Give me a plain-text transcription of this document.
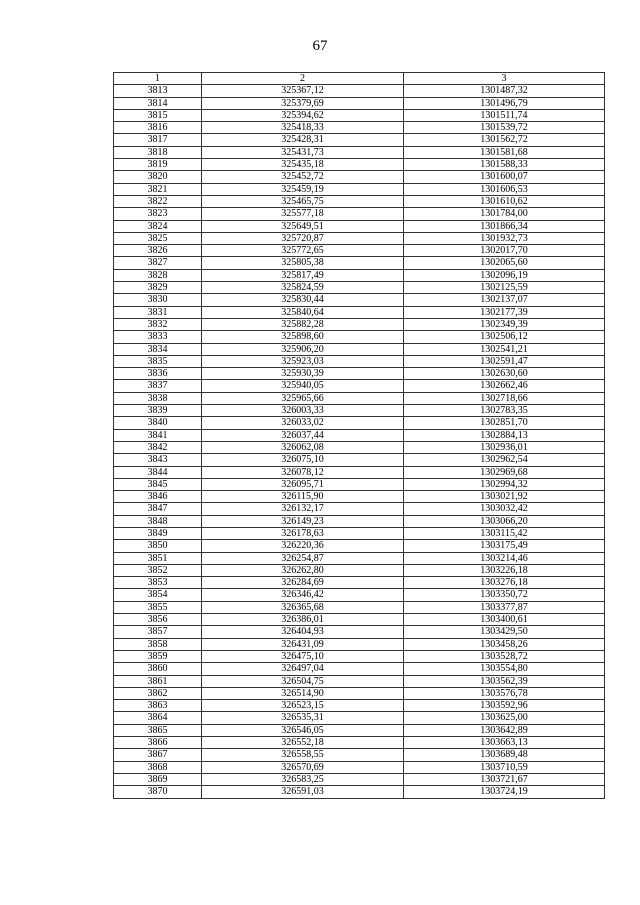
67
1	2	3
3813	325367,12	1301487,32
3814	325379,69	1301496,79
3815	325394,62	1301511,74
3816	325418,33	1301539,72
3817	325428,31	1301562,72
3818	325431,73	1301581,68
3819	325435,18	1301588,33
3820	325452,72	1301600,07
3821	325459,19	1301606,53
3822	325465,75	1301610,62
3823	325577,18	1301784,00
3824	325649,51	1301866,34
3825	325720,87	1301932,73
3826	325772,65	1302017,70
3827	325805,38	1302065,60
3828	325817,49	1302096,19
3829	325824,59	1302125,59
3830	325830,44	1302137,07
3831	325840,64	1302177,39
3832	325882,28	1302349,39
3833	325898,60	1302506,12
3834	325906,20	1302541,21
3835	325923,03	1302591,47
3836	325930,39	1302630,60
3837	325940,05	1302662,46
3838	325965,66	1302718,66
3839	326003,33	1302783,35
3840	326033,02	1302851,70
3841	326037,44	1302884,13
3842	326062,08	1302936,01
3843	326075,10	1302962,54
3844	326078,12	1302969,68
3845	326095,71	1302994,32
3846	326115,90	1303021,92
3847	326132,17	1303032,42
3848	326149,23	1303066,20
3849	326178,63	1303115,42
3850	326220,36	1303175,49
3851	326254,87	1303214,46
3852	326262,80	1303226,18
3853	326284,69	1303276,18
3854	326346,42	1303350,72
3855	326365,68	1303377,87
3856	326386,01	1303400,61
3857	326404,93	1303429,50
3858	326431,09	1303458,26
3859	326475,10	1303528,72
3860	326497,04	1303554,80
3861	326504,75	1303562,39
3862	326514,90	1303576,78
3863	326523,15	1303592,96
3864	326535,31	1303625,00
3865	326546,05	1303642,89
3866	326552,18	1303663,13
3867	326558,55	1303689,48
3868	326570,69	1303710,59
3869	326583,25	1303721,67
3870	326591,03	1303724,19
